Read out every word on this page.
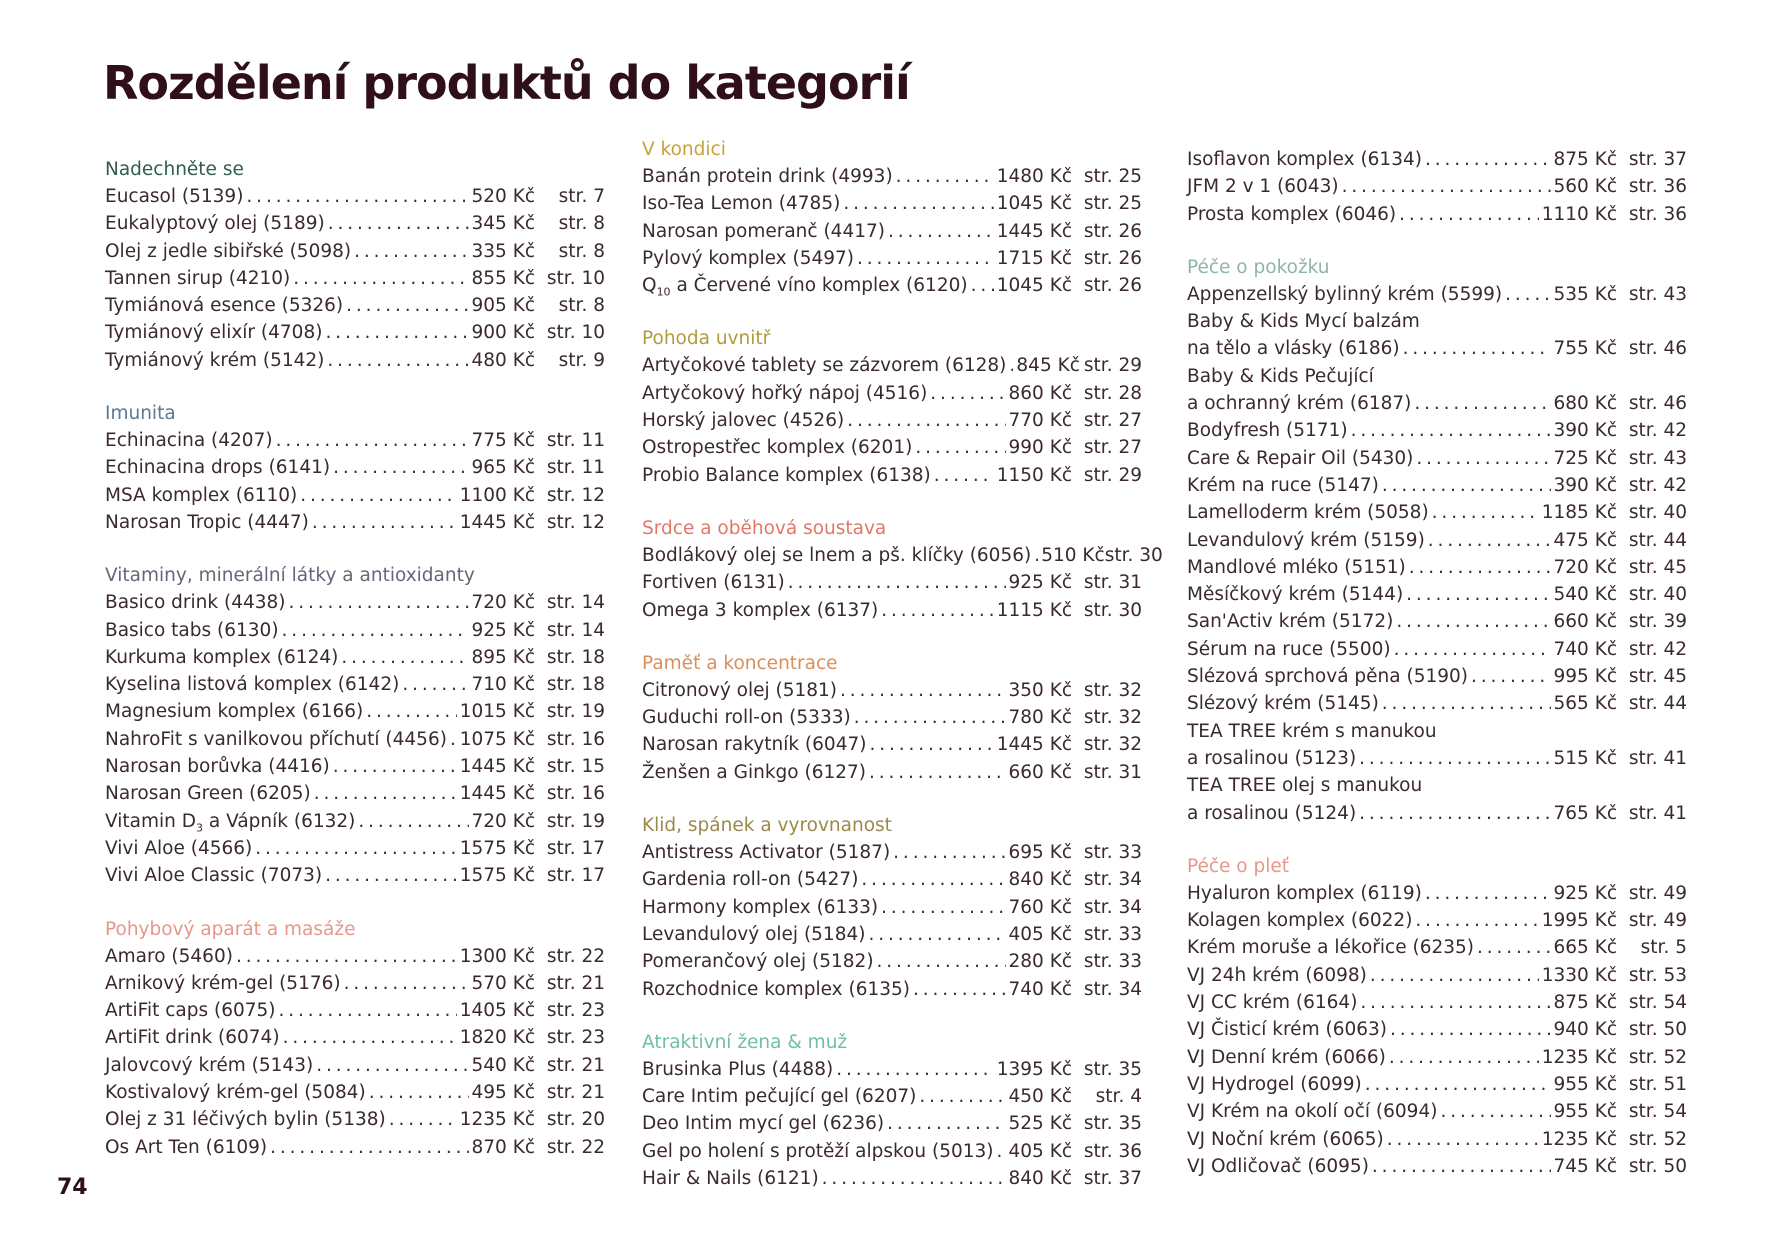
Rozdělení produktů do kategorií
Nadechněte se
Eucasol (5139) . . .	520 Kč	str. 7
Eukalyptový olej (5189) . . .	345 Kč	str. 8
Olej z jedle sibiřské (5098) . . .	335 Kč	str. 8
Tannen sirup (4210) . . .	855 Kč str. 10
Tymiánová esence (5326) . . .	905 Kč	str. 8
Tymiánový elixír (4708) . . .	900 Kč str. 10
Tymiánový krém (5142) . . .	480 Kč	str. 9
Imunita
Echinacina (4207) . . .	775 Kč str. 11
Echinacina drops (6141) . . .	965 Kč str. 11
MSA komplex (6110) . . .	1100 Kč str. 12
Narosan Tropic (4447) . . .	1445 Kč str. 12
Vitaminy, minerální látky a antioxidanty
Basico drink (4438) . . .	720 Kč str. 14
Basico tabs (6130) . . .	925 Kč str. 14
Kurkuma komplex (6124) . . .	895 Kč str. 18
Kyselina listová komplex (6142) . . .	710 Kč str. 18
Magnesium komplex (6166) . . .	1015 Kč str. 19
NahroFit s vanilkovou příchutí (4456) . . . 1075 Kč str. 16
Narosan borůvka (4416) . . .	1445 Kč str. 15
Narosan Green (6205) . . .	1445 Kč str. 16
Vitamin $D_3$ a Vápník (6132) . . .	720 Kč str. 19
Vivi Aloe (4566) . . .	1575 Kč str. 17
Vivi Aloe Classic (7073) . . .	1575 Kč str. 17
Pohybový aparát a masáže
Amaro (5460) . . .	1300 Kč str. 22
Arnikový krém-gel (5176) . . .	570 Kč str. 21
ArtiFit caps (6075) . . .	1405 Kč str. 23
ArtiFit drink (6074) . . .	1820 Kč str. 23
Jalovcový krém (5143) . . .	540 Kč str. 21
Kostivalový krém-gel (5084) . . .	495 Kč str. 21
Olej z 31 léčivých bylin (5138) . . .	1235 Kč str. 20
Os Art Ten (6109) . . .	870 Kč str. 22
V kondici
Banán protein drink (4993) . . .	1480 Kč str. 25
Iso-Tea Lemon (4785) . . .	1045 Kč str. 25
Narosan pomeranč (4417) . . .	1445 Kč str. 26
Pylový komplex (5497) . . .	1715 Kč str. 26
$Q_{10}$ a Červené víno komplex (6120) . . . 1045 Kč str. 26
Pohoda uvnitř
Artyčokové tablety se zázvorem (6128) . . . 845 Kč str. 29
Artyčokový hořký nápoj (4516) . . .	860 Kč str. 28
Horský jalovec (4526) . . .	770 Kč str. 27
Ostropestřec komplex (6201) . . .	990 Kč str. 27
Probio Balance komplex (6138) . . .	1150 Kč str. 29
Srdce a oběhová soustava
Bodlákový olej se lnem a pš. klíčky (6056) . . . 510 Kč str. 30
Fortiven (6131) . . .	925 Kč str. 31
Omega 3 komplex (6137) . . .	1115 Kč str. 30
Paměť a koncentrace
Citronový olej (5181) . . .	350 Kč str. 32
Guduchi roll-on (5333) . . .	780 Kč str. 32
Narosan rakytník (6047) . . .	1445 Kč str. 32
Ženšen a Ginkgo (6127) . . .	660 Kč str. 31
Klid, spánek a vyrovnanost
Antistress Activator (5187) . . .	695 Kč str. 33
Gardenia roll-on (5427) . . .	840 Kč str. 34
Harmony komplex (6133) . . .	760 Kč str. 34
Levandulový olej (5184) . . .	405 Kč str. 33
Pomerančový olej (5182) . . .	280 Kč str. 33
Rozchodnice komplex (6135) . . .	740 Kč str. 34
Atraktivní žena & muž
Brusinka Plus (4488) . . .	1395 Kč str. 35
Care Intim pečující gel (6207) . . .	450 Kč	str. 4
Deo Intim mycí gel (6236) . . .	525 Kč str. 35
Gel po holení s protěží alpskou (5013) . . . 405 Kč str. 36
Hair & Nails (6121) . . .	840 Kč str. 37
Isoflavon komplex (6134) . . .	875 Kč str. 37
JFM 2 v 1 (6043) . . .	560 Kč str. 36
Prosta komplex (6046) . . .	1110 Kč str. 36
Péče o pokožku
Appenzellský bylinný krém (5599) . . .	535 Kč str. 43
Baby & Kids Mycí balzám
na tělo a vlásky (6186) . . .	755 Kč str. 46
Baby & Kids Pečující
a ochranný krém (6187) . . .	680 Kč str. 46
Bodyfresh (5171) . . .	390 Kč str. 42
Care & Repair Oil (5430) . . .	725 Kč str. 43
Krém na ruce (5147) . . .	390 Kč str. 42
Lamelloderm krém (5058) . . .	1185 Kč str. 40
Levandulový krém (5159) . . .	475 Kč str. 44
Mandlové mléko (5151) . . .	720 Kč str. 45
Měsíčkový krém (5144) . . .	540 Kč str. 40
San'Activ krém (5172) . . .	660 Kč str. 39
Sérum na ruce (5500) . . .	740 Kč str. 42
Slézová sprchová pěna (5190) . . .	995 Kč str. 45
Slézový krém (5145) . . .	565 Kč str. 44
TEA TREE krém s manukou
a rosalinou (5123) . . .	515 Kč str. 41
TEA TREE olej s manukou
a rosalinou (5124) . . .	765 Kč str. 41
Péče o pleť
Hyaluron komplex (6119) . . .	925 Kč str. 49
Kolagen komplex (6022) . . .	1995 Kč str. 49
Krém moruše a lékořice (6235) . . .	665 Kč	str. 5
VJ 24h krém (6098) . . .	1330 Kč str. 53
VJ CC krém (6164) . . .	875 Kč str. 54
VJ Čisticí krém (6063) . . .	940 Kč str. 50
VJ Denní krém (6066) . . .	1235 Kč str. 52
VJ Hydrogel (6099) . . .	955 Kč str. 51
VJ Krém na okolí očí (6094) . . .	955 Kč str. 54
VJ Noční krém (6065) . . .	1235 Kč str. 52
VJ Odličovač (6095) . . .	745 Kč str. 50
74
